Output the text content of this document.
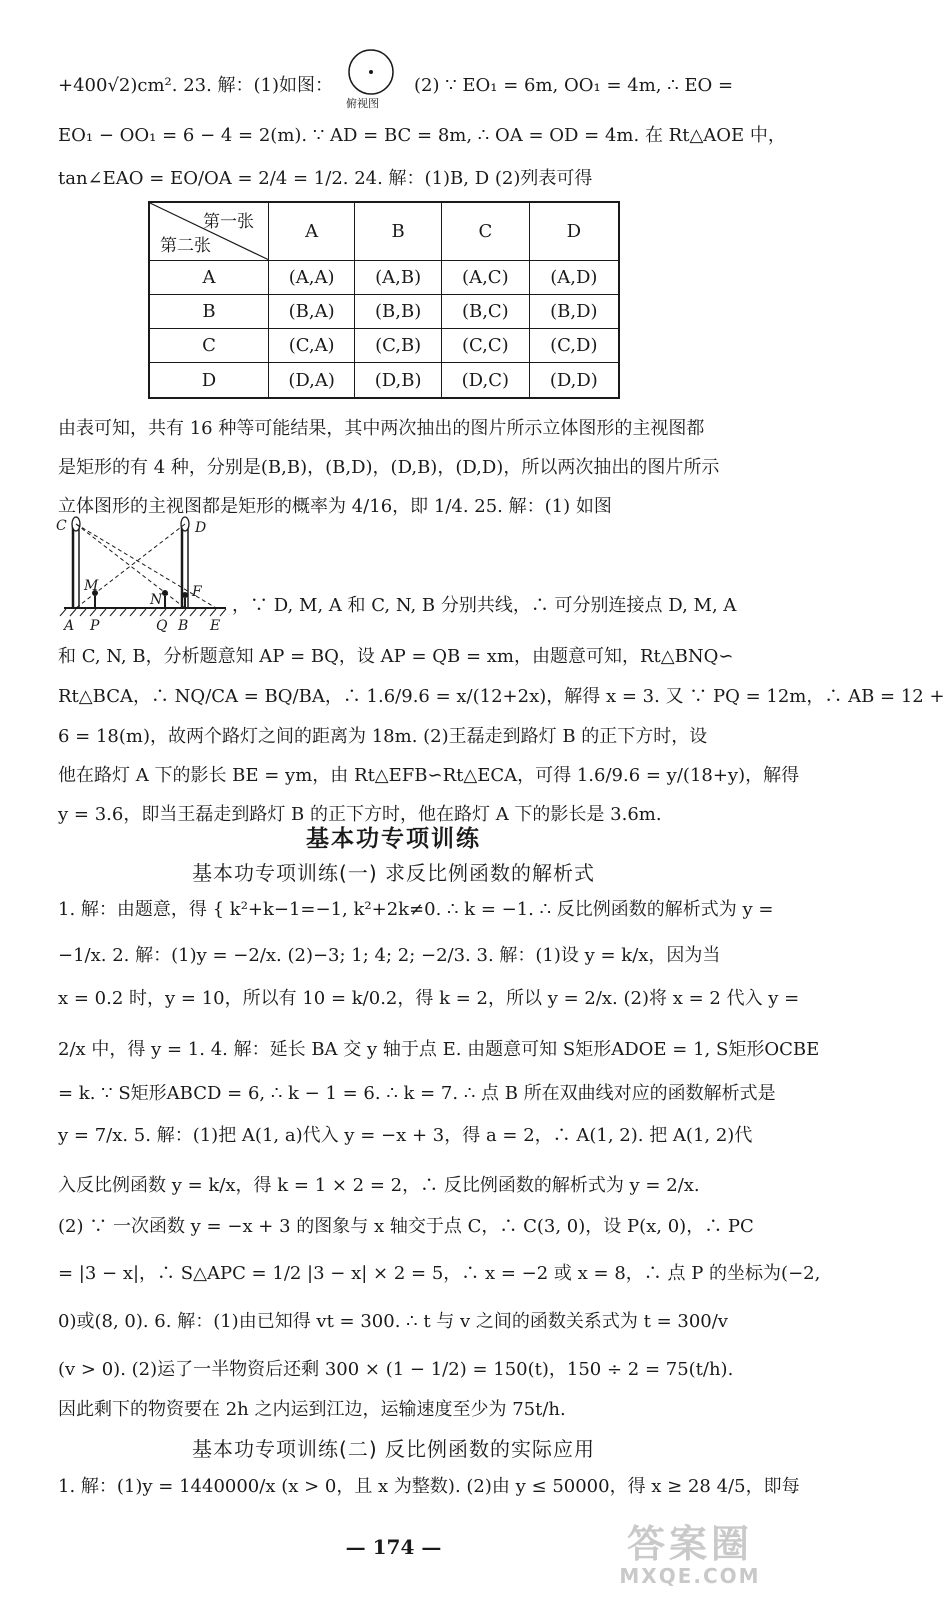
+400√2)cm². 23. 解：(1)如图：
俯视图
(2) ∵ EO₁ = 6m, OO₁ = 4m, ∴ EO =
EO₁ − OO₁ = 6 − 4 = 2(m). ∵ AD = BC = 8m, ∴ OA = OD = 4m. 在 Rt△AOE 中，
tan∠EAO = EO/OA = 2/4 = 1/2. 24. 解：(1)B, D (2)列表可得
第一张
第二张	A	B	C	D
A	(A,A)	(A,B)	(A,C)	(A,D)
B	(B,A)	(B,B)	(B,C)	(B,D)
C	(C,A)	(C,B)	(C,C)	(C,D)
D	(D,A)	(D,B)	(D,C)	(D,D)
由表可知，共有 16 种等可能结果，其中两次抽出的图片所示立体图形的主视图都
是矩形的有 4 种，分别是(B,B)，(B,D)，(D,B)，(D,D)，所以两次抽出的图片所示
立体图形的主视图都是矩形的概率为 4/16，即 1/4. 25. 解：(1) 如图
C	D
M
N F
A P	Q B E
，∵ D, M, A 和 C, N, B 分别共线，∴ 可分别连接点 D, M, A
和 C, N, B，分析题意知 AP = BQ，设 AP = QB = xm，由题意可知，Rt△BNQ∽
Rt△BCA，∴ NQ/CA = BQ/BA，∴ 1.6/9.6 = x/(12+2x)，解得 x = 3. 又 ∵ PQ = 12m，∴ AB = 12 +
6 = 18(m)，故两个路灯之间的距离为 18m. (2)王磊走到路灯 B 的正下方时，设
他在路灯 A 下的影长 BE = ym，由 Rt△EFB∽Rt△ECA，可得 1.6/9.6 = y/(18+y)，解得
y = 3.6，即当王磊走到路灯 B 的正下方时，他在路灯 A 下的影长是 3.6m.
基本功专项训练
基本功专项训练(一) 求反比例函数的解析式
1. 解：由题意，得 { k²+k−1=−1, k²+2k≠0. ∴ k = −1. ∴ 反比例函数的解析式为 y =
−1/x. 2. 解：(1)y = −2/x. (2)−3; 1; 4; 2; −2/3. 3. 解：(1)设 y = k/x，因为当
x = 0.2 时，y = 10，所以有 10 = k/0.2，得 k = 2，所以 y = 2/x. (2)将 x = 2 代入 y =
2/x 中，得 y = 1. 4. 解：延长 BA 交 y 轴于点 E. 由题意可知 S矩形ADOE = 1, S矩形OCBE
= k. ∵ S矩形ABCD = 6, ∴ k − 1 = 6. ∴ k = 7. ∴ 点 B 所在双曲线对应的函数解析式是
y = 7/x. 5. 解：(1)把 A(1, a)代入 y = −x + 3，得 a = 2，∴ A(1, 2). 把 A(1, 2)代
入反比例函数 y = k/x，得 k = 1 × 2 = 2，∴ 反比例函数的解析式为 y = 2/x.
(2) ∵ 一次函数 y = −x + 3 的图象与 x 轴交于点 C，∴ C(3, 0)，设 P(x, 0)，∴ PC
= |3 − x|，∴ S△APC = 1/2 |3 − x| × 2 = 5，∴ x = −2 或 x = 8，∴ 点 P 的坐标为(−2,
0)或(8, 0). 6. 解：(1)由已知得 vt = 300. ∴ t 与 v 之间的函数关系式为 t = 300/v
(v > 0). (2)运了一半物资后还剩 300 × (1 − 1/2) = 150(t)，150 ÷ 2 = 75(t/h).
因此剩下的物资要在 2h 之内运到江边，运输速度至少为 75t/h.
基本功专项训练(二) 反比例函数的实际应用
1. 解：(1)y = 1440000/x (x > 0，且 x 为整数). (2)由 y ≤ 50000，得 x ≥ 28 4/5，即每
— 174 —	答案圈
MXQE.COM
